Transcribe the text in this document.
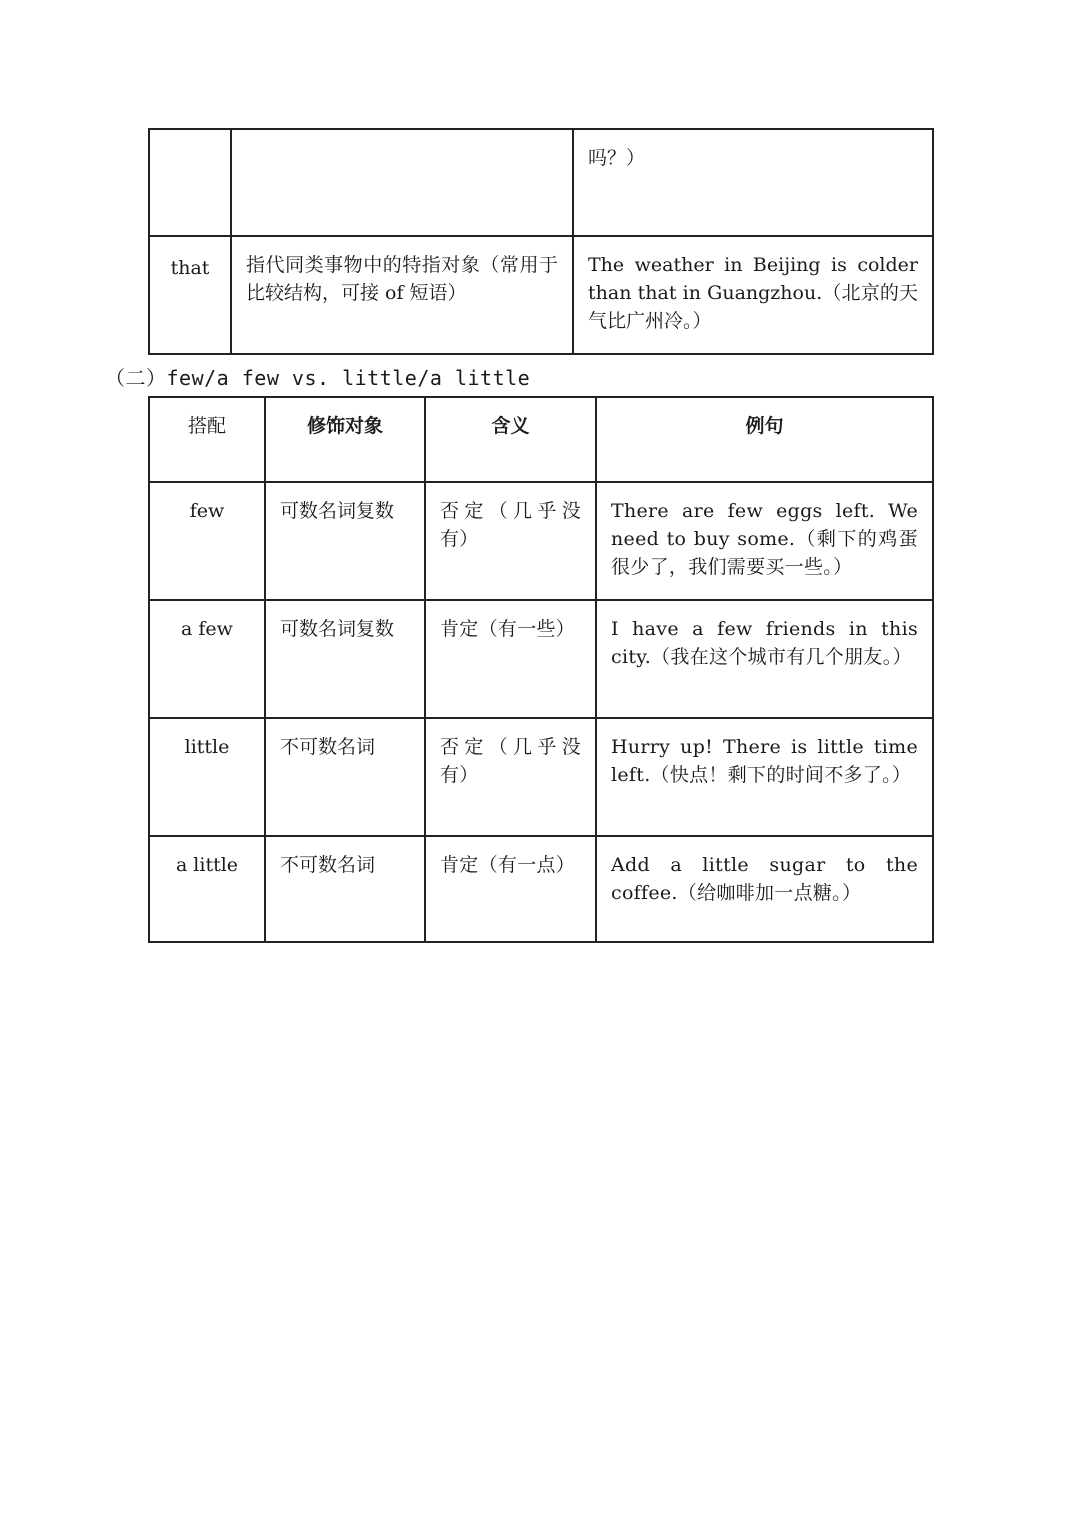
		吗？）
that	指代同类事物中的特指对象（常用于比较结构，可接 of 短语）	The weather in Beijing is colder than that in Guangzhou.（北京的天气比广州冷。）
（二）few/a few vs. little/a little
搭配	修饰对象	含义	例句
few	可数名词复数	否定（几乎没有）	There are few eggs left. We need to buy some.（剩下的鸡蛋很少了，我们需要买一些。）
a few	可数名词复数	肯定（有一些）	I have a few friends in this city.（我在这个城市有几个朋友。）
little	不可数名词	否定（几乎没有）	Hurry up! There is little time left.（快点！剩下的时间不多了。）
a little	不可数名词	肯定（有一点）	Add a little sugar to the coffee.（给咖啡加一点糖。）
